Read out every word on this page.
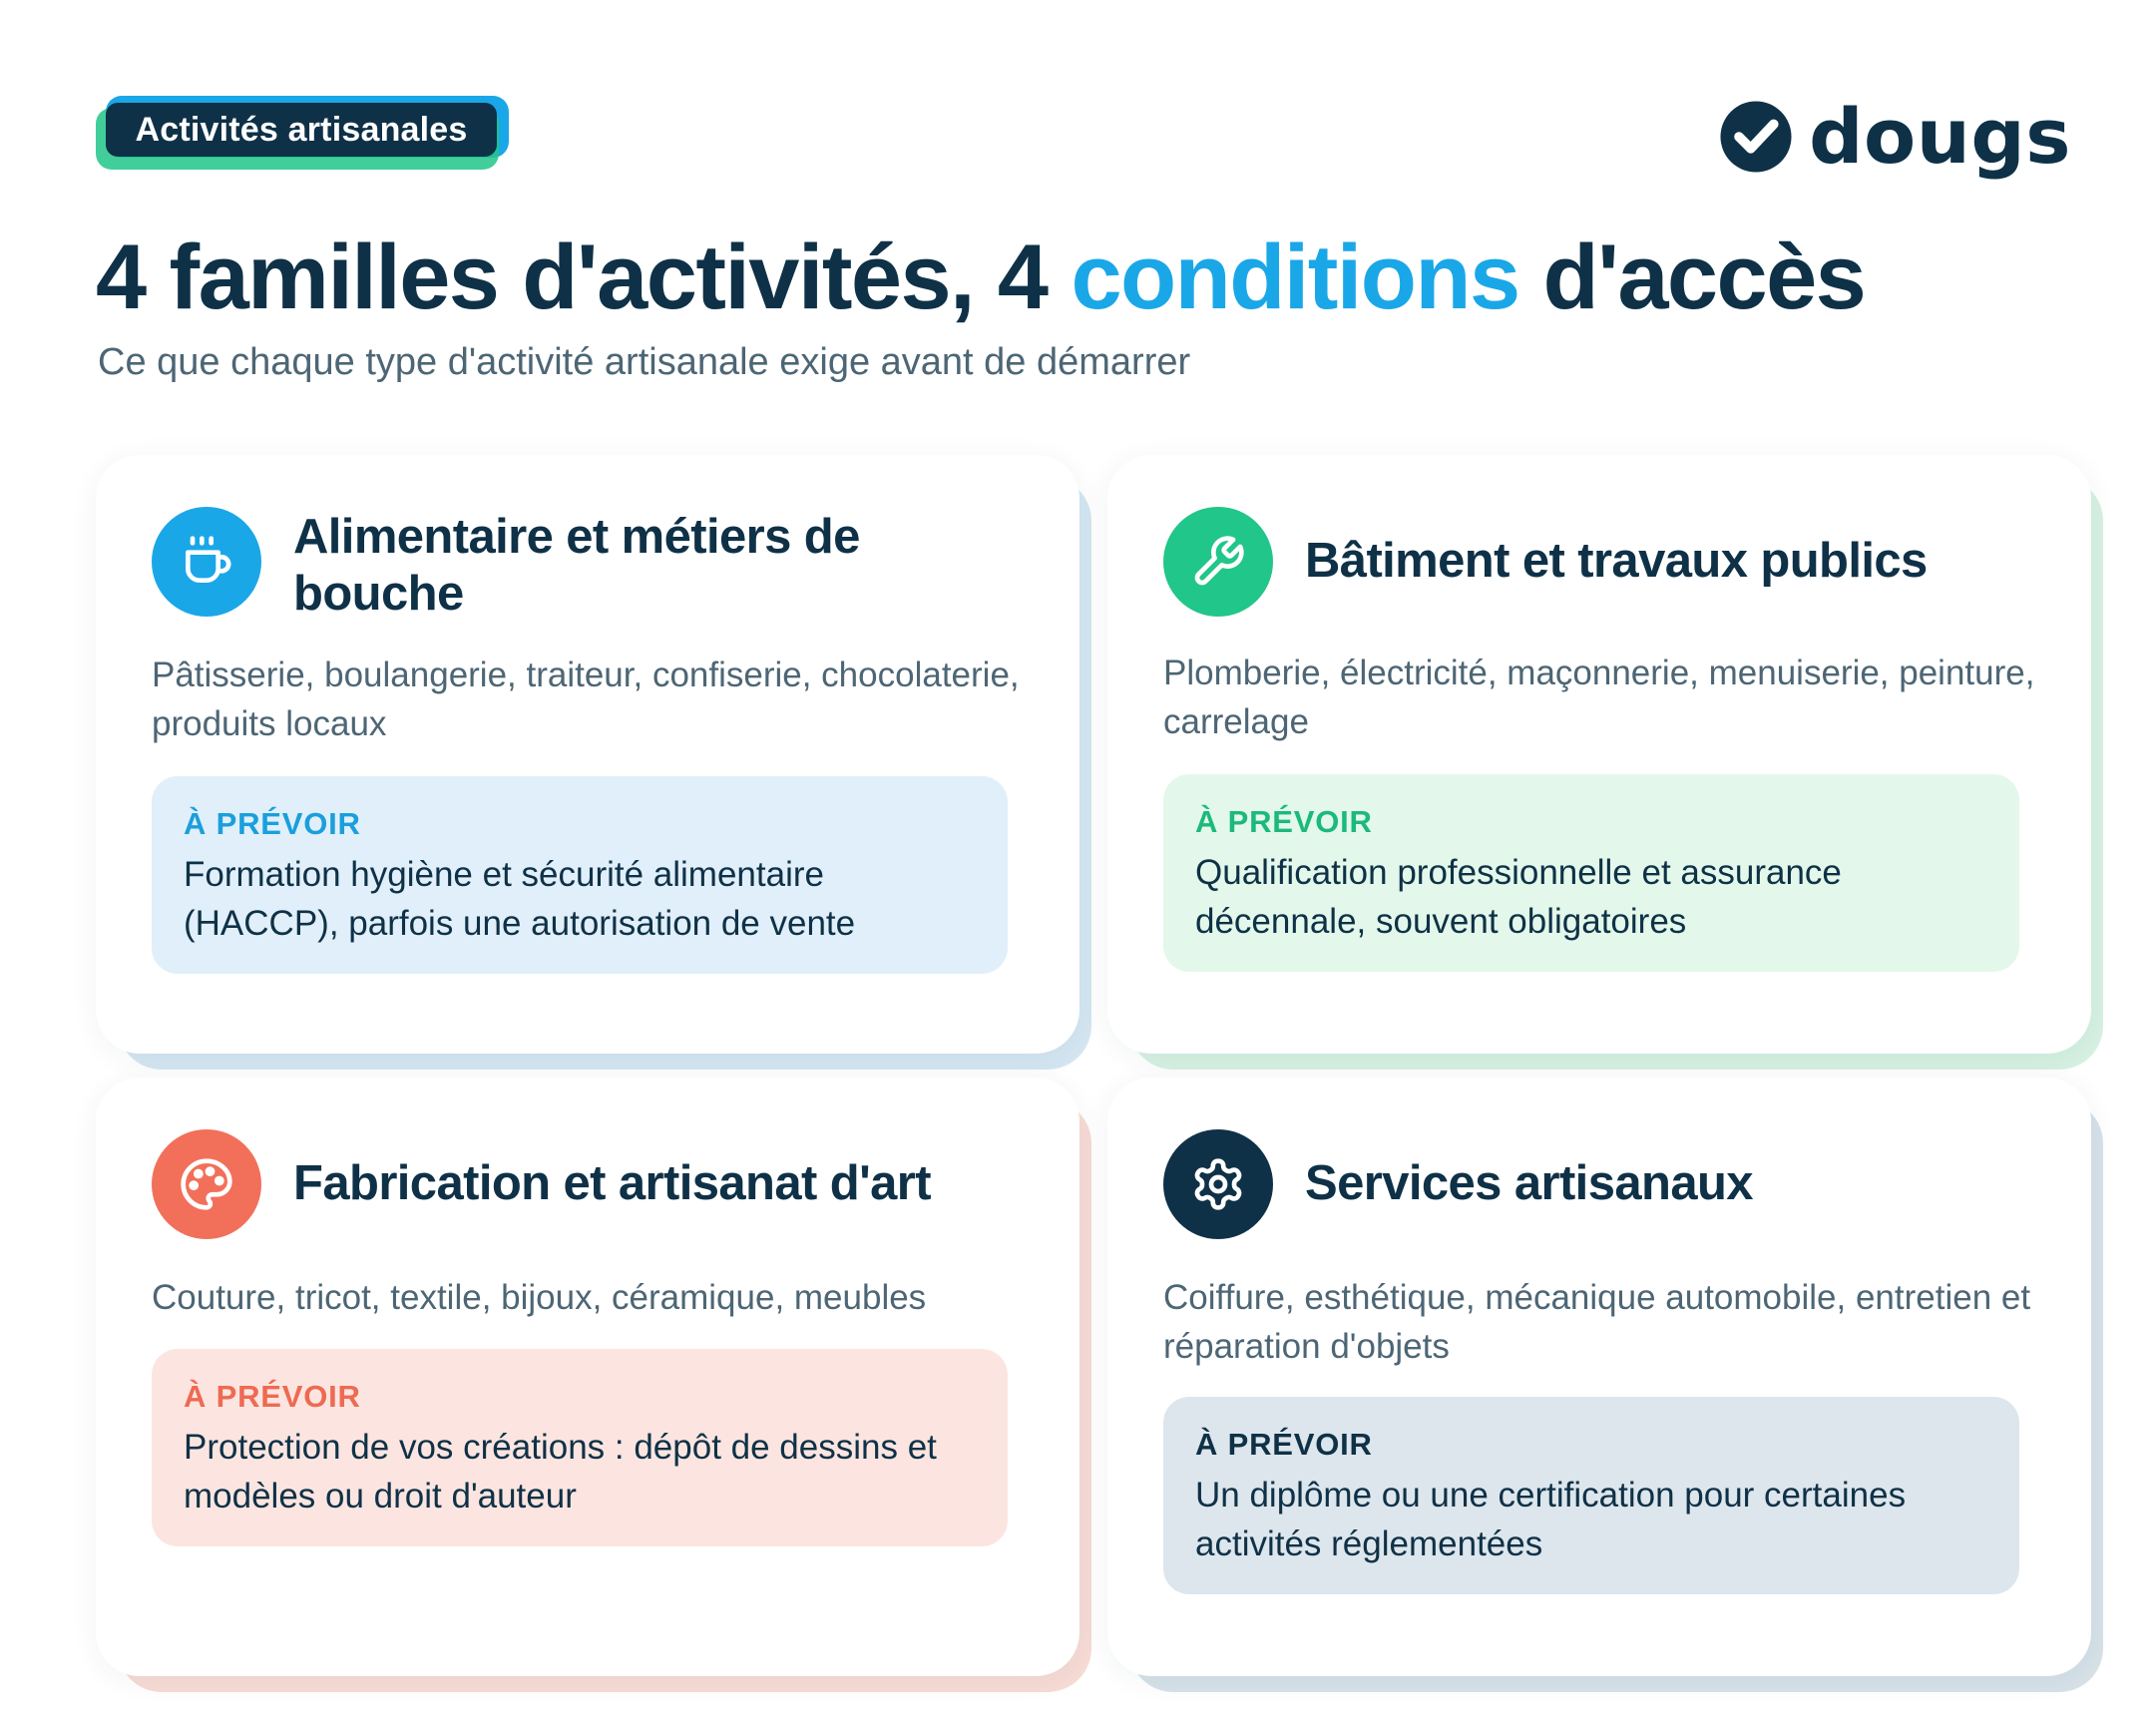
Activités artisanales	dougs
4 familles d'activités, 4 conditions d'accès

Ce que chaque type d'activité artisanale exige avant de démarrer

Alimentaire et métiers de bouche
Pâtisserie, boulangerie, traiteur, confiserie, chocolaterie, produits locaux
À PRÉVOIR
Formation hygiène et sécurité alimentaire (HACCP), parfois une autorisation de vente
Bâtiment et travaux publics
Plomberie, électricité, maçonnerie, menuiserie, peinture, carrelage
À PRÉVOIR
Qualification professionnelle et assurance décennale, souvent obligatoires
Fabrication et artisanat d'art
Couture, tricot, textile, bijoux, céramique, meubles
À PRÉVOIR
Protection de vos créations : dépôt de dessins et modèles ou droit d'auteur
Services artisanaux
Coiffure, esthétique, mécanique automobile, entretien et réparation d'objets
À PRÉVOIR
Un diplôme ou une certification pour certaines activités réglementées
